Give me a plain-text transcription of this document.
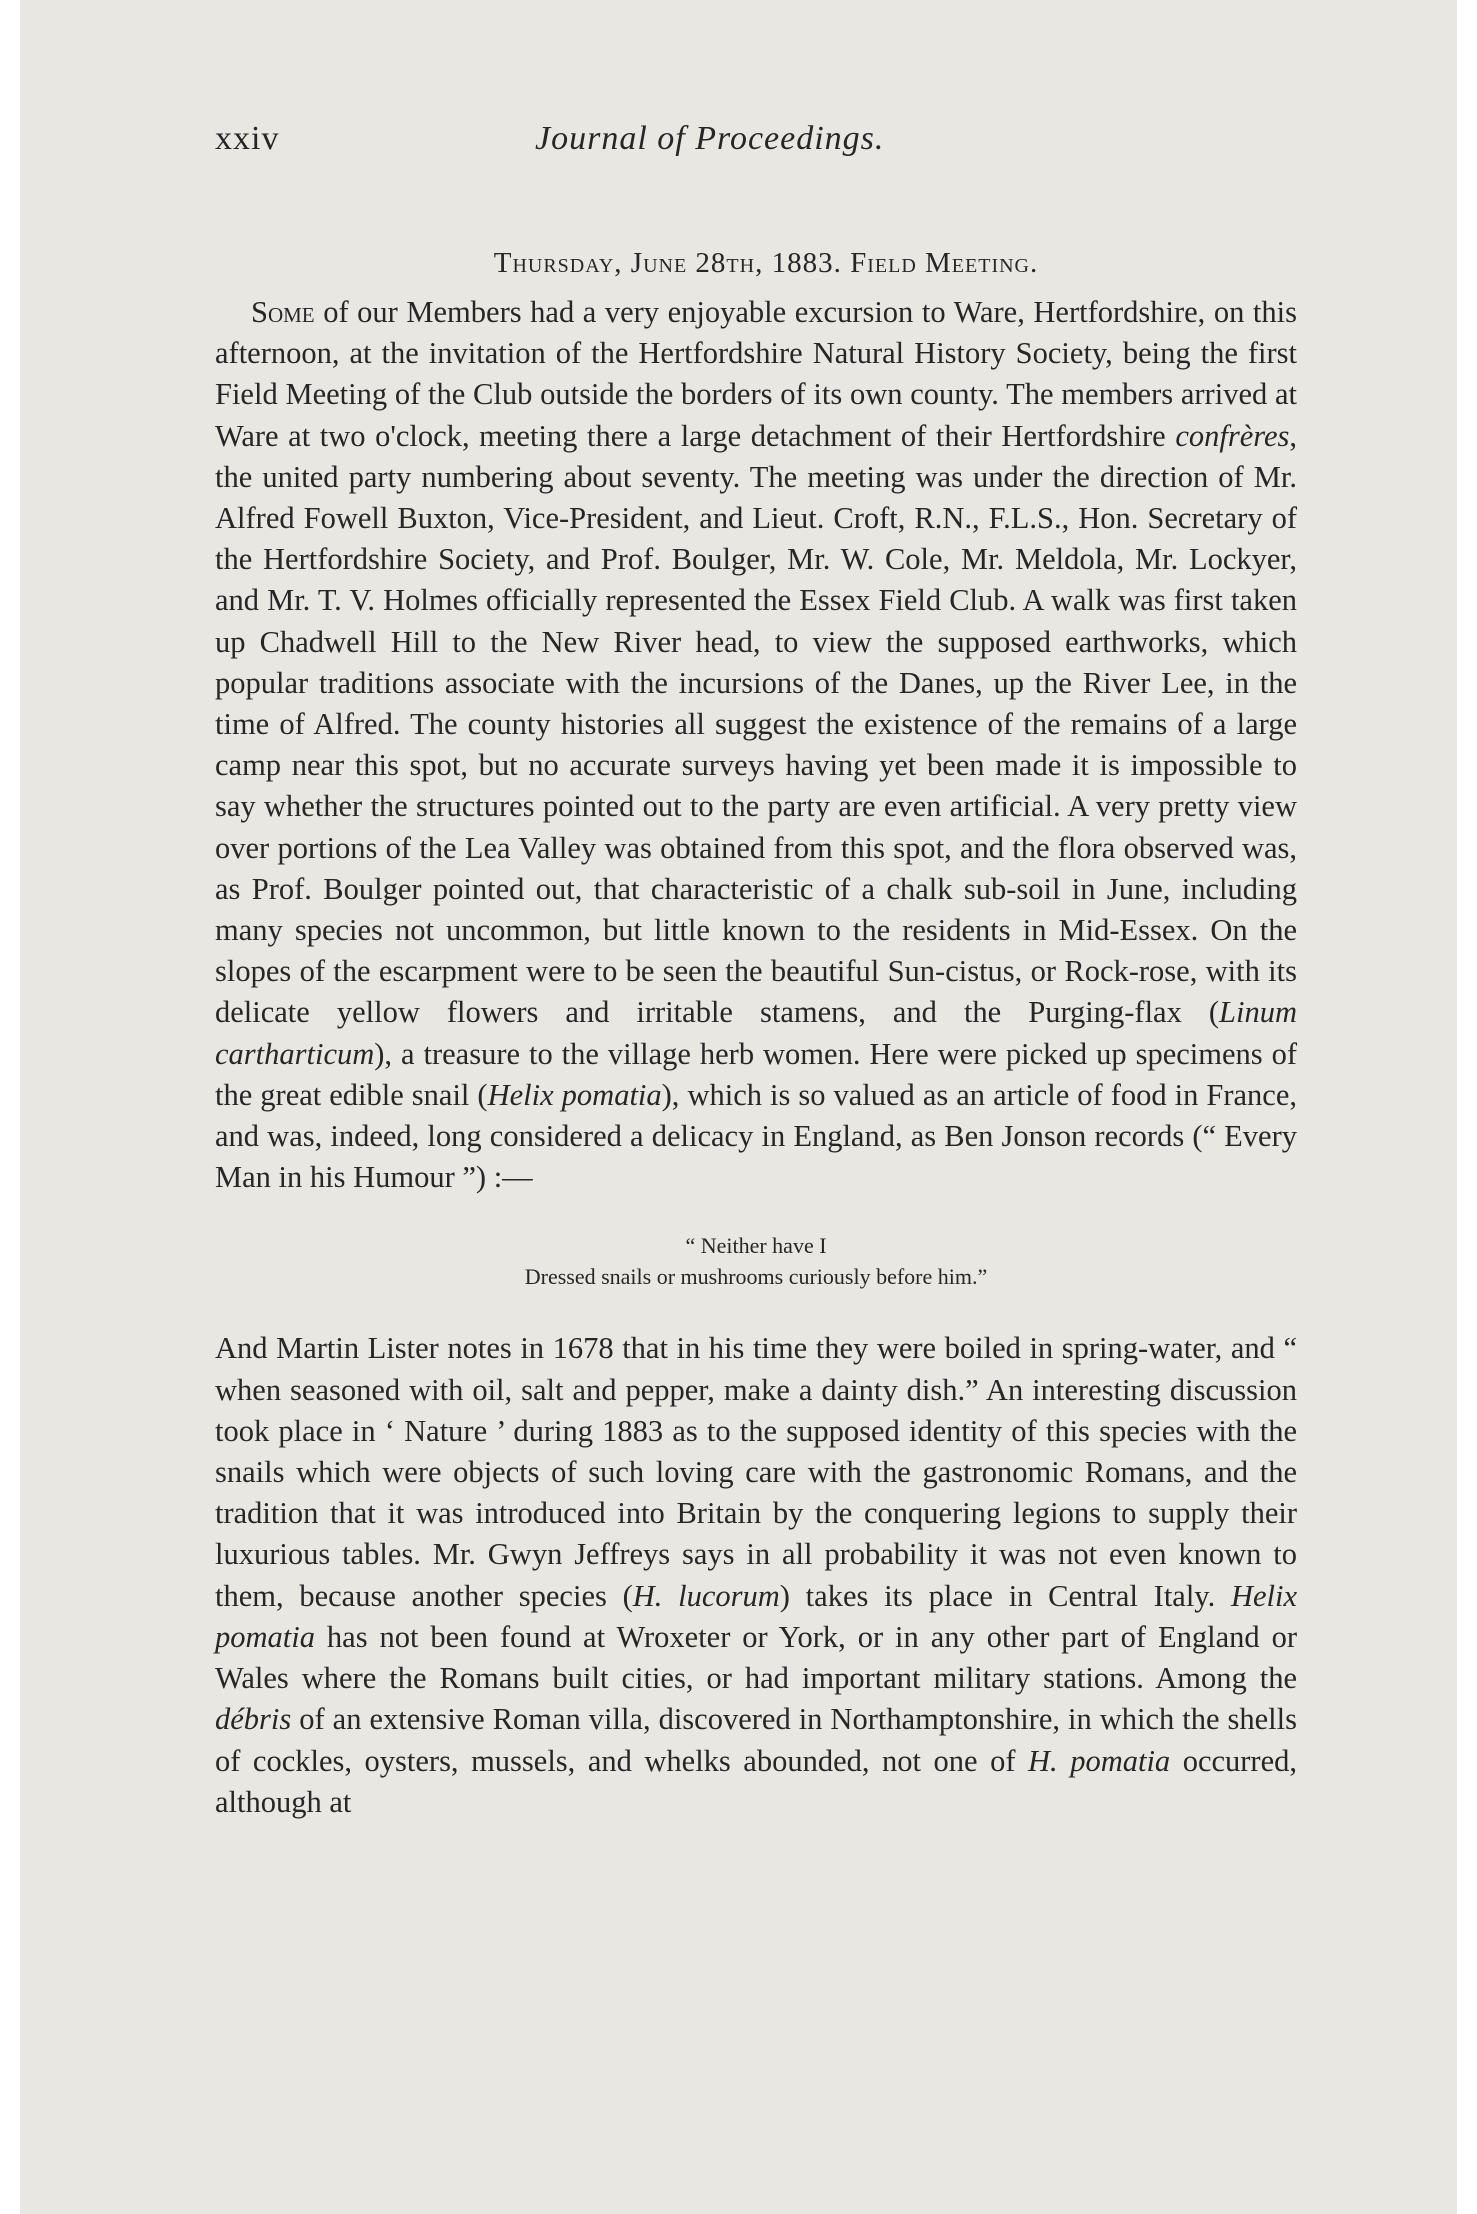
xxiv	Journal of Proceedings.
Thursday, June 28th, 1883. Field Meeting.

Some of our Members had a very enjoyable excursion to Ware, Hertfordshire, on this afternoon, at the invitation of the Hertfordshire Natural History Society, being the first Field Meeting of the Club outside the borders of its own county. The members arrived at Ware at two o'clock, meeting there a large detachment of their Hertfordshire confrères, the united party numbering about seventy. The meeting was under the direction of Mr. Alfred Fowell Buxton, Vice-President, and Lieut. Croft, R.N., F.L.S., Hon. Secretary of the Hertfordshire Society, and Prof. Boulger, Mr. W. Cole, Mr. Meldola, Mr. Lockyer, and Mr. T. V. Holmes officially represented the Essex Field Club. A walk was first taken up Chadwell Hill to the New River head, to view the supposed earthworks, which popular traditions associate with the incursions of the Danes, up the River Lee, in the time of Alfred. The county histories all suggest the existence of the remains of a large camp near this spot, but no accurate surveys having yet been made it is impossible to say whether the structures pointed out to the party are even artificial. A very pretty view over portions of the Lea Valley was obtained from this spot, and the flora observed was, as Prof. Boulger pointed out, that characteristic of a chalk sub-soil in June, including many species not uncommon, but little known to the residents in Mid-Essex. On the slopes of the escarpment were to be seen the beautiful Sun-cistus, or Rock-rose, with its delicate yellow flowers and irritable stamens, and the Purging-flax (Linum cartharticum), a treasure to the village herb women. Here were picked up specimens of the great edible snail (Helix pomatia), which is so valued as an article of food in France, and was, indeed, long considered a delicacy in England, as Ben Jonson records (“ Every Man in his Humour ”) :—

“ Neither have I
Dressed snails or mushrooms curiously before him.”

And Martin Lister notes in 1678 that in his time they were boiled in spring-water, and “ when seasoned with oil, salt and pepper, make a dainty dish.” An interesting discussion took place in ‘ Nature ’ during 1883 as to the supposed identity of this species with the snails which were objects of such loving care with the gastronomic Romans, and the tradition that it was introduced into Britain by the conquering legions to supply their luxurious tables. Mr. Gwyn Jeffreys says in all probability it was not even known to them, because another species (H. lucorum) takes its place in Central Italy. Helix pomatia has not been found at Wroxeter or York, or in any other part of England or Wales where the Romans built cities, or had important military stations. Among the débris of an extensive Roman villa, discovered in Northamptonshire, in which the shells of cockles, oysters, mussels, and whelks abounded, not one of H. pomatia occurred, although at
